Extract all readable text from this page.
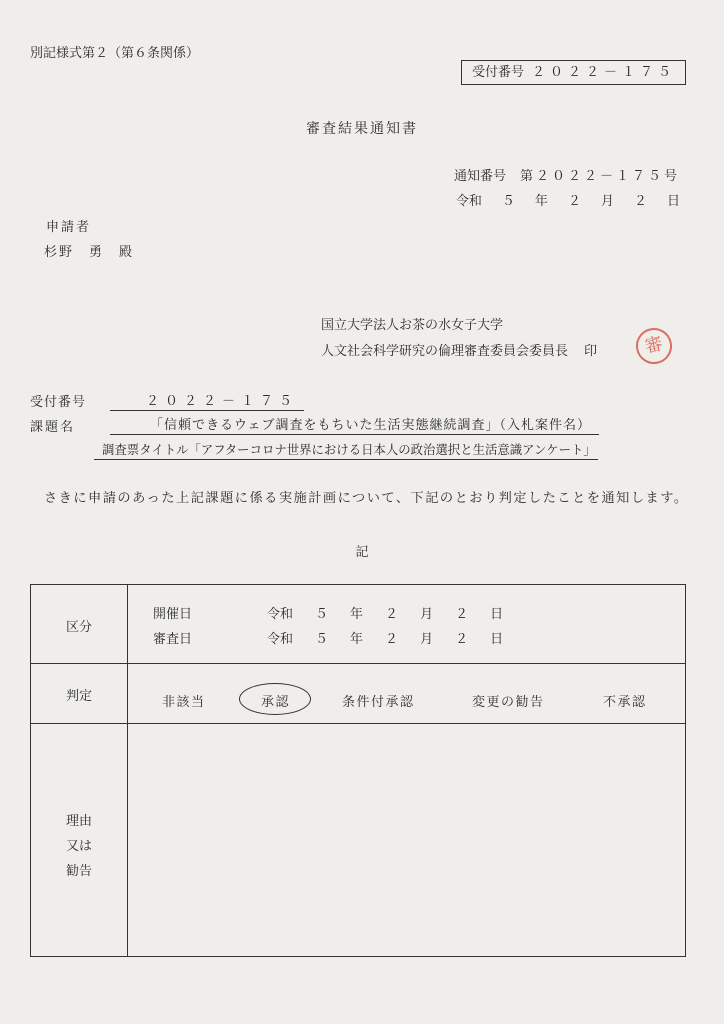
別記様式第２（第６条関係）
受付番号 ２０２２－１７５
審査結果通知書
通知番号 第２０２２－１７５号
令和 ５ 年 ２ 月 ２ 日
申請者
杉野　勇　殿
国立大学法人お茶の水女子大学
人文社会科学研究の倫理審査委員会委員長 印	審
受付番号	２０２２－１７５
課題名	「信頼できるウェブ調査をもちいた生活実態継続調査」（入札案件名）
調査票タイトル「アフターコロナ世界における日本人の政治選択と生活意識アンケート」
さきに申請のあった上記課題に係る実施計画について、下記のとおり判定したことを通知します。
記
区分
開催日	令和 ５ 年 ２ 月 ２ 日
審査日	令和 ５ 年 ２ 月 ２ 日
判定	非該当	承認	条件付承認	変更の勧告	不承認
理由
又は
勧告
